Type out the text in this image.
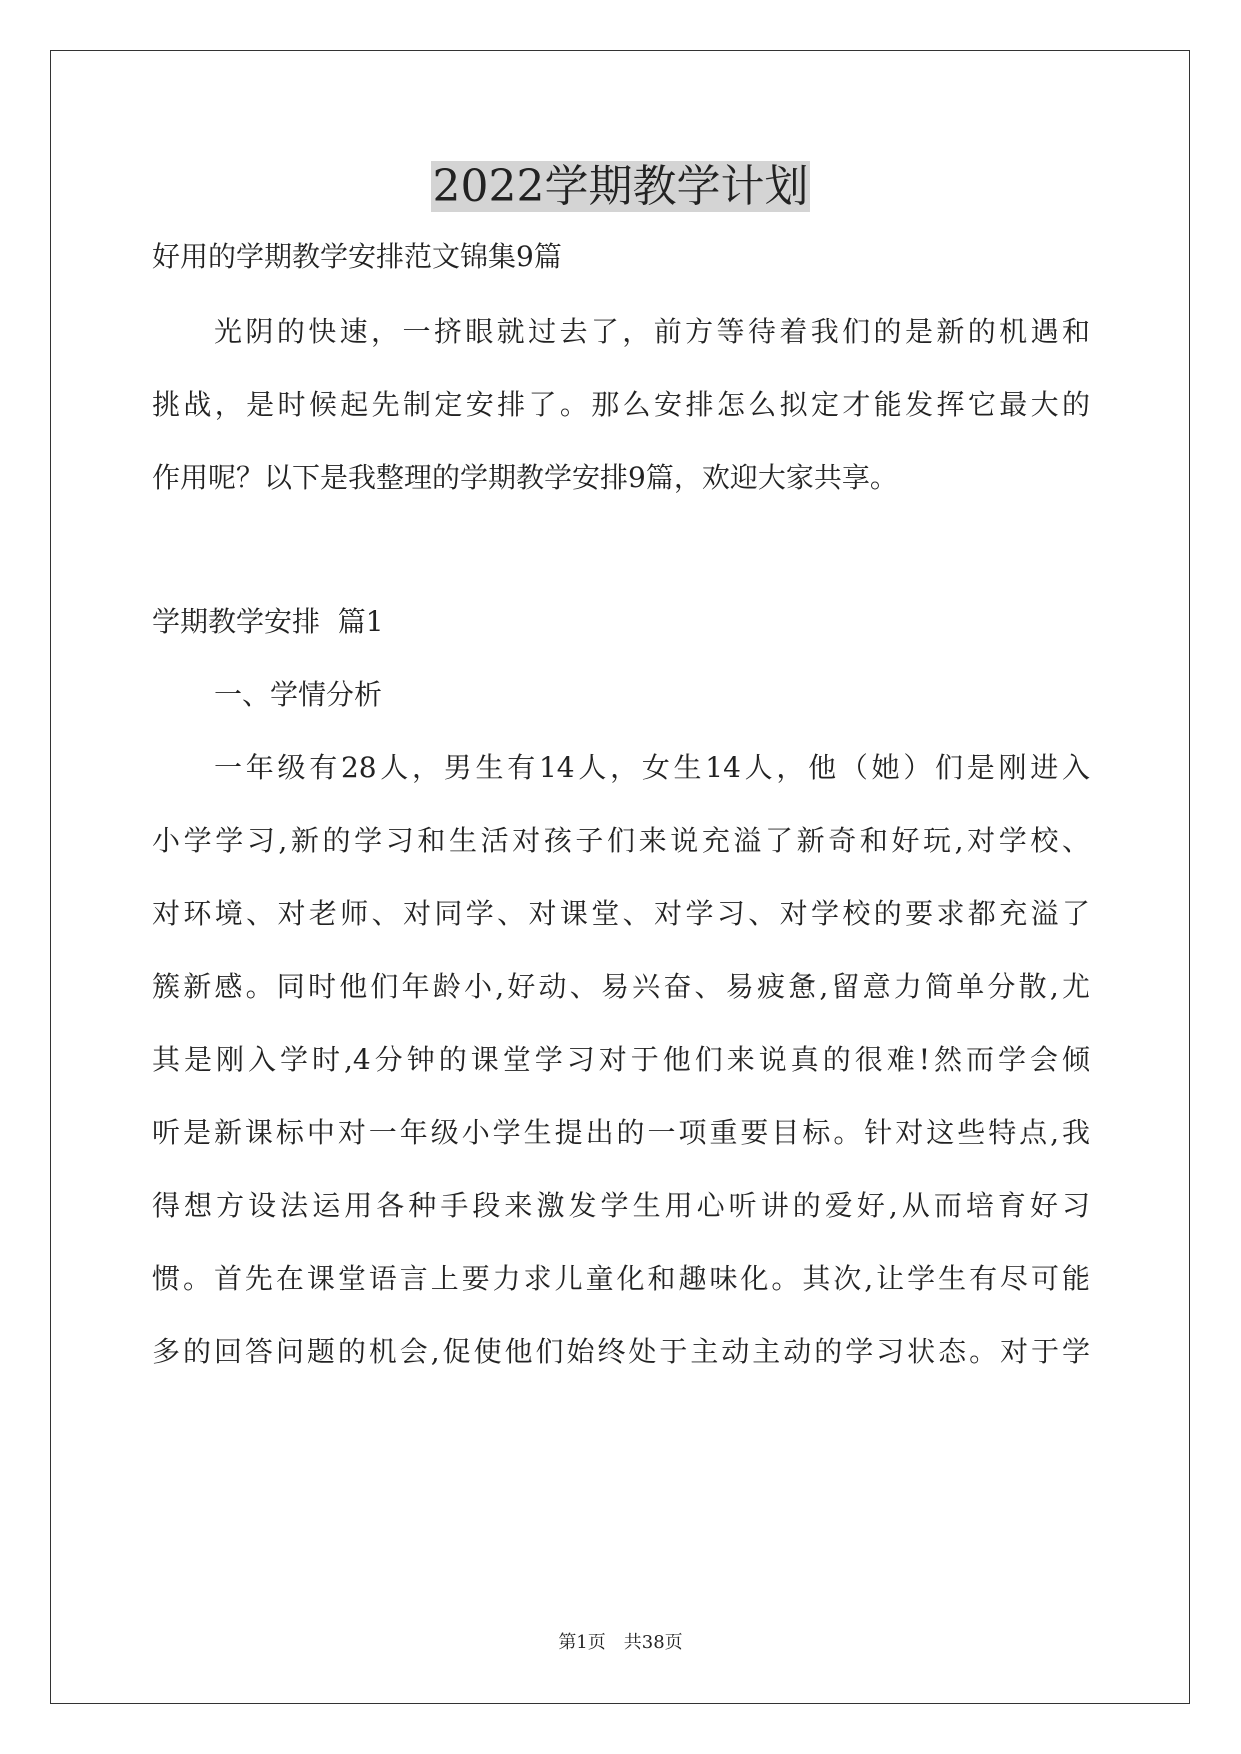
2022学期教学计划

好用的学期教学安排范文锦集9篇

光阴的快速，一挤眼就过去了，前方等待着我们的是新的机遇和

挑战，是时候起先制定安排了。那么安排怎么拟定才能发挥它最大的

作用呢？以下是我整理的学期教学安排9篇，欢迎大家共享。

学期教学安排  篇1

一、学情分析

一年级有28人，男生有14人，女生14人，他（她）们是刚进入

小学学习,新的学习和生活对孩子们来说充溢了新奇和好玩,对学校、

对环境、对老师、对同学、对课堂、对学习、对学校的要求都充溢了

簇新感。同时他们年龄小,好动、易兴奋、易疲惫,留意力简单分散,尤

其是刚入学时,4分钟的课堂学习对于他们来说真的很难!然而学会倾

听是新课标中对一年级小学生提出的一项重要目标。针对这些特点,我

得想方设法运用各种手段来激发学生用心听讲的爱好,从而培育好习

惯。首先在课堂语言上要力求儿童化和趣味化。其次,让学生有尽可能

多的回答问题的机会,促使他们始终处于主动主动的学习状态。对于学

第1页 共38页
